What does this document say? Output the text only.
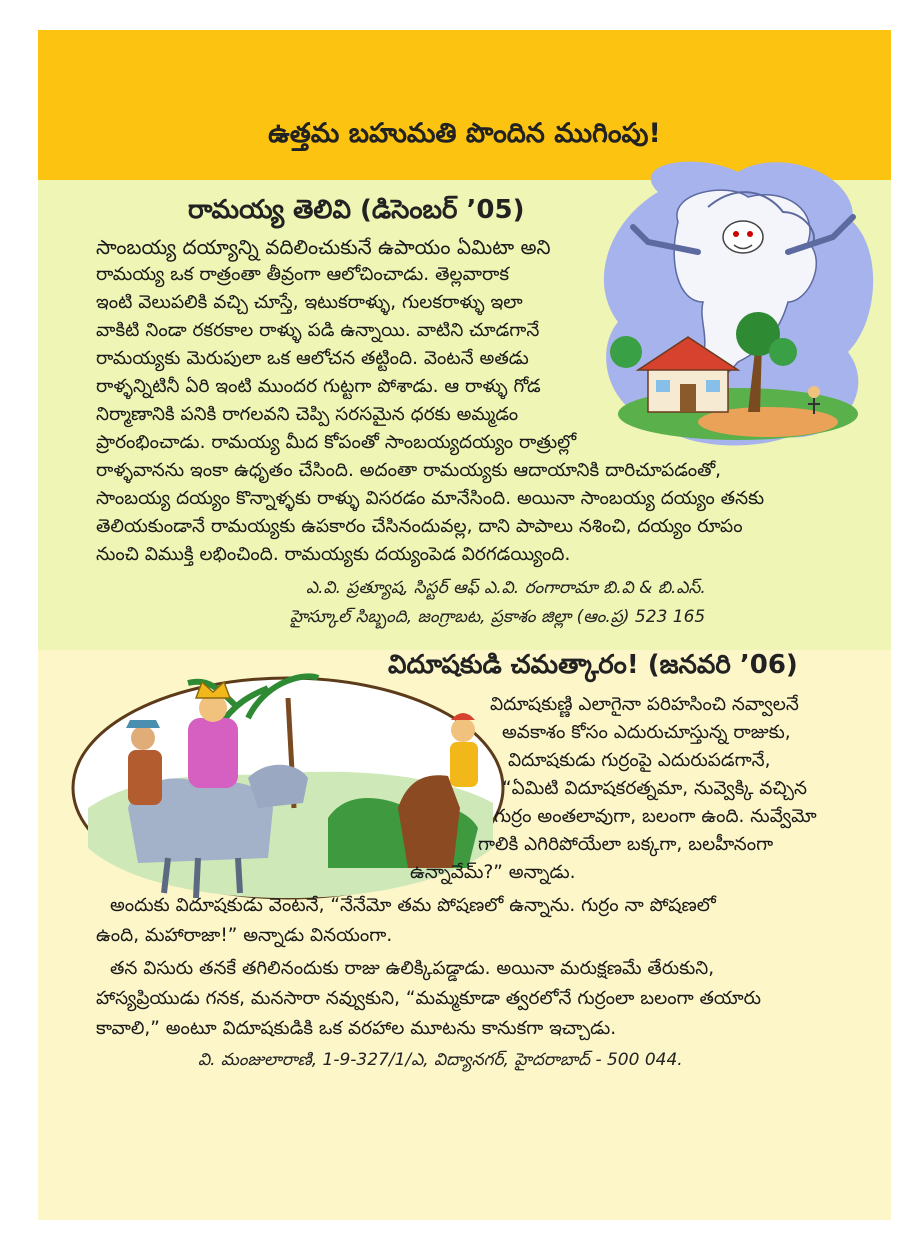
ఉత్తమ బహుమతి పొందిన ముగింపు!
రామయ్య తెలివి (డిసెంబర్ ’05)
సాంబయ్య దయ్యాన్ని వదిలించుకునే ఉపాయం ఏమిటా అని
రామయ్య ఒక రాత్రంతా తీవ్రంగా ఆలోచించాడు. తెల్లవారాక
ఇంటి వెలుపలికి వచ్చి చూస్తే, ఇటుకరాళ్ళు, గులకరాళ్ళు ఇలా
వాకిటి నిండా రకరకాల రాళ్ళు పడి ఉన్నాయి. వాటిని చూడగానే
రామయ్యకు మెరుపులా ఒక ఆలోచన తట్టింది. వెంటనే అతడు
రాళ్ళన్నిటినీ ఏరి ఇంటి ముందర గుట్టగా పోశాడు. ఆ రాళ్ళు గోడ
నిర్మాణానికి పనికి రాగలవని చెప్పి సరసమైన ధరకు అమ్మడం
ప్రారంభించాడు. రామయ్య మీద కోపంతో సాంబయ్యదయ్యం రాత్రుల్లో
రాళ్ళవానను ఇంకా ఉధృతం చేసింది. అదంతా రామయ్యకు ఆదాయానికి దారిచూపడంతో,
సాంబయ్య దయ్యం కొన్నాళ్ళకు రాళ్ళు విసరడం మానేసింది. అయినా సాంబయ్య దయ్యం తనకు
తెలియకుండానే రామయ్యకు ఉపకారం చేసినందువల్ల, దాని పాపాలు నశించి, దయ్యం రూపం
నుంచి విముక్తి లభించింది. రామయ్యకు దయ్యంపెడ విరగడయ్యింది.
ఎ.వి. ప్రత్యూష, సిస్టర్ ఆఫ్ ఎ.వి. రంగారామా బి.వి & బి.ఎస్.
హైస్కూల్ సిబ్బంది, జంగ్రాబట, ప్రకాశం జిల్లా (ఆం.ప్ర) 523 165
విదూషకుడి చమత్కారం! (జనవరి ’06)
విదూషకుణ్ణి ఎలాగైనా పరిహసించి నవ్వాలనే
అవకాశం కోసం ఎదురుచూస్తున్న రాజుకు,
విదూషకుడు గుర్రంపై ఎదురుపడగానే,
“ఏమిటి విదూషకరత్నమా, నువ్వెక్కి వచ్చిన
గుర్రం అంతలావుగా, బలంగా ఉంది. నువ్వేమో
గాలికి ఎగిరిపోయేలా బక్కగా, బలహీనంగా
ఉన్నావేమ్?” అన్నాడు.
అందుకు విదూషకుడు వెంటనే, “నేనేమో తమ పోషణలో ఉన్నాను. గుర్రం నా పోషణలో
ఉంది, మహారాజా!” అన్నాడు వినయంగా.
తన విసురు తనకే తగిలినందుకు రాజు ఉలిక్కిపడ్డాడు. అయినా మరుక్షణమే తేరుకుని,
హాస్యప్రియుడు గనక, మనసారా నవ్వుకుని, “మమ్మకూడా త్వరలోనే గుర్రంలా బలంగా తయారు
కావాలి,” అంటూ విదూషకుడికి ఒక వరహాల మూటను కానుకగా ఇచ్చాడు.
వి. మంజులారాణి, 1-9-327/1/ఎ, విద్యానగర్, హైదరాబాద్ - 500 044.
